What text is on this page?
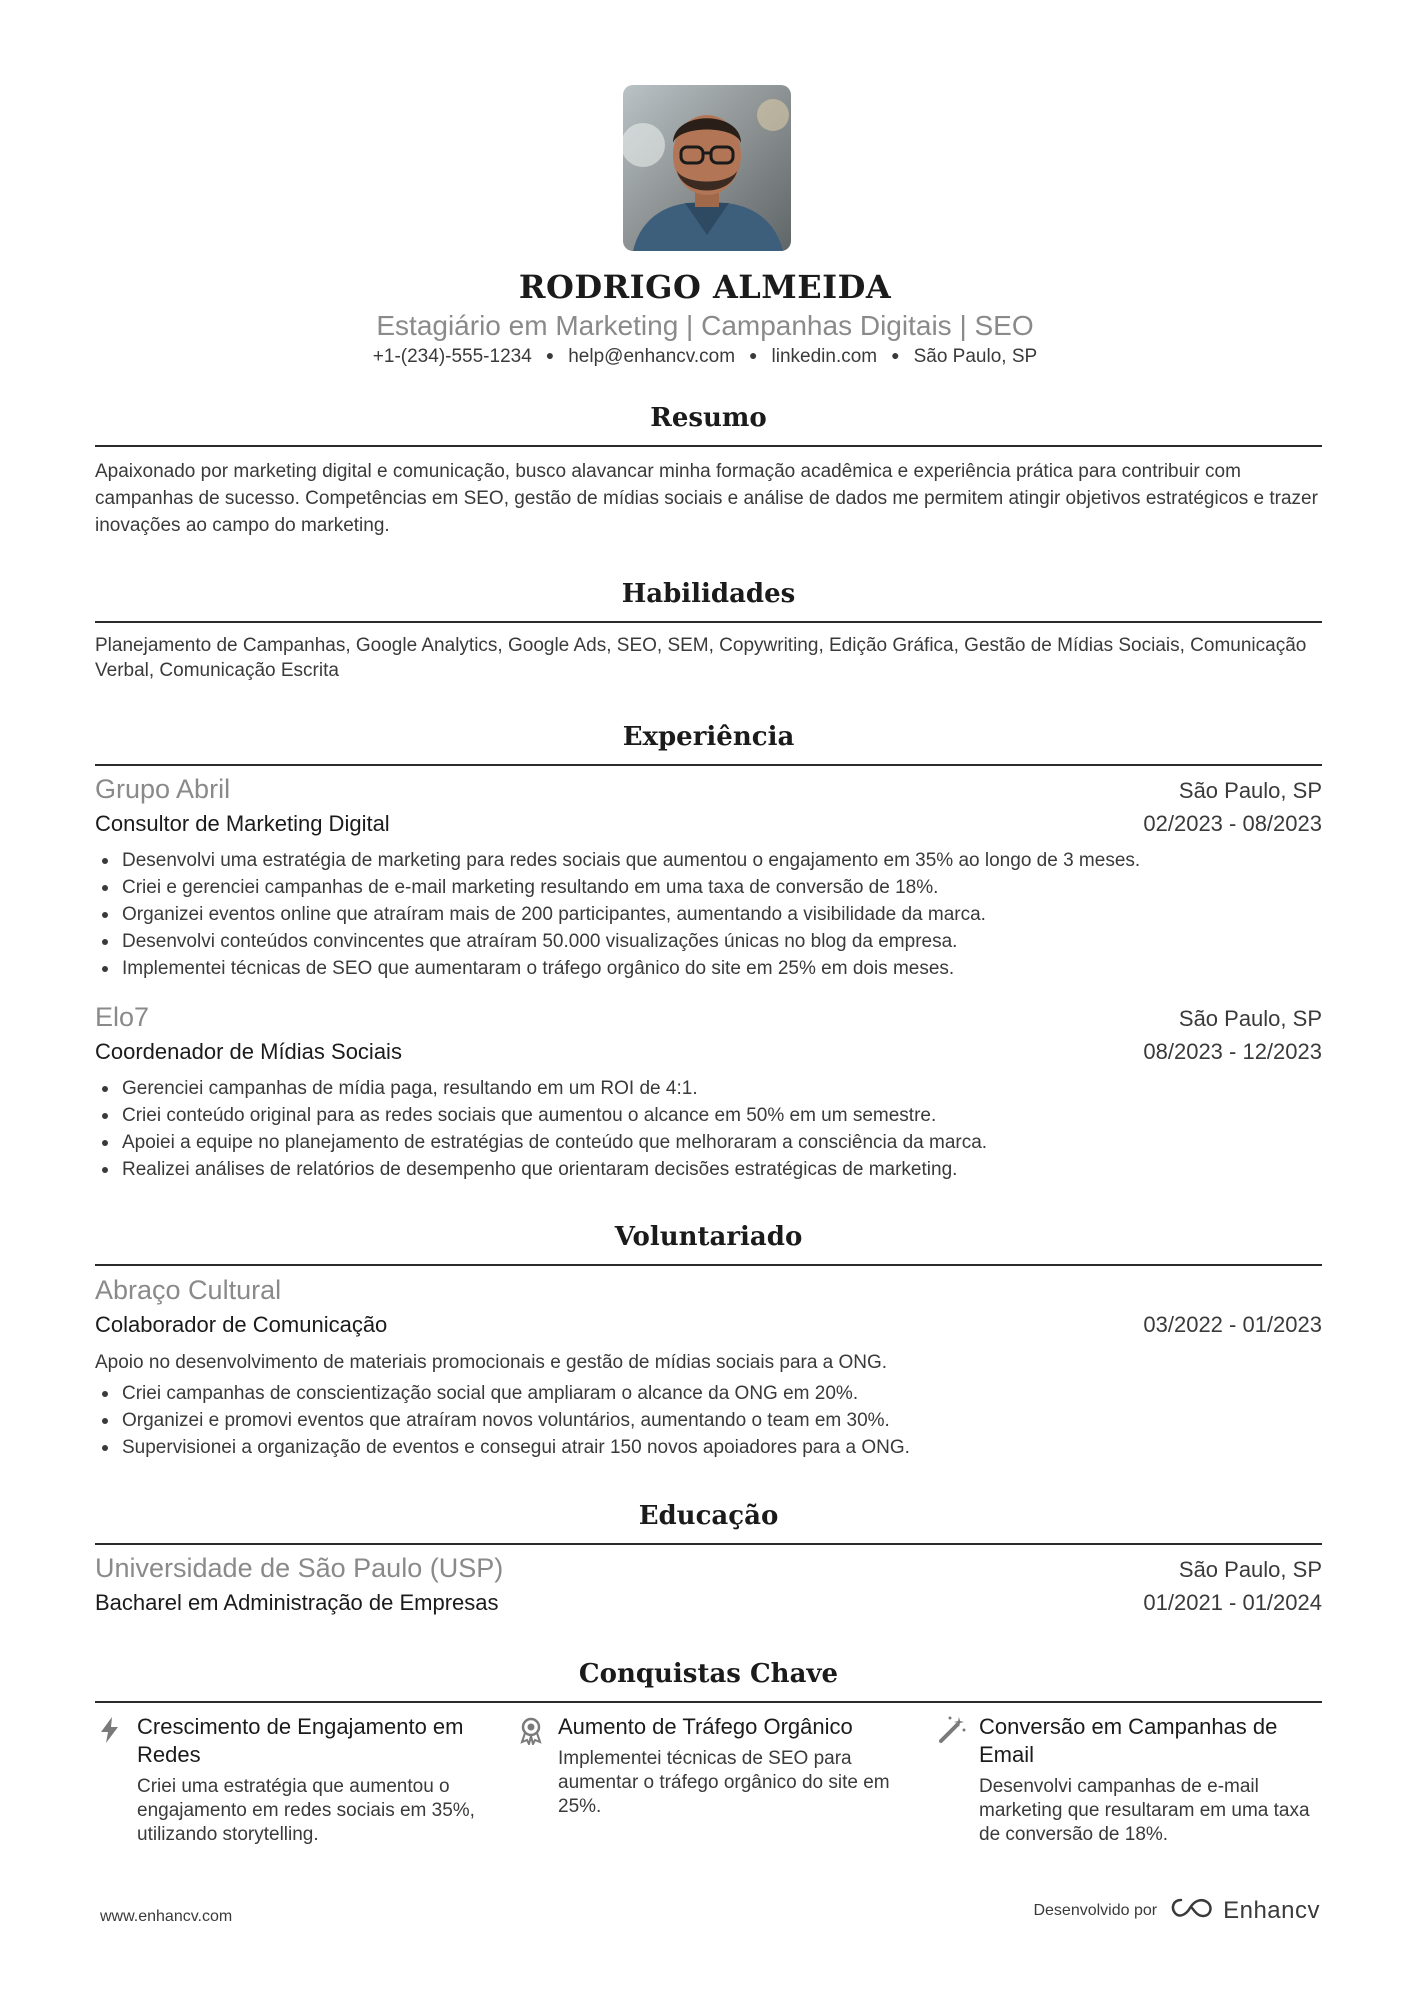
RODRIGO ALMEIDA
Estagiário em Marketing | Campanhas Digitais | SEO
+1-(234)-555-1234 ● help@enhancv.com ● linkedin.com ● São Paulo, SP
Resumo

Apaixonado por marketing digital e comunicação, busco alavancar minha formação acadêmica e experiência prática para contribuir com campanhas de sucesso. Competências em SEO, gestão de mídias sociais e análise de dados me permitem atingir objetivos estratégicos e trazer inovações ao campo do marketing.

Habilidades

Planejamento de Campanhas, Google Analytics, Google Ads, SEO, SEM, Copywriting, Edição Gráfica, Gestão de Mídias Sociais, Comunicação Verbal, Comunicação Escrita

Experiência
Grupo Abril	São Paulo, SP
Consultor de Marketing Digital	02/2023 - 08/2023
Desenvolvi uma estratégia de marketing para redes sociais que aumentou o engajamento em 35% ao longo de 3 meses.
Criei e gerenciei campanhas de e-mail marketing resultando em uma taxa de conversão de 18%.
Organizei eventos online que atraíram mais de 200 participantes, aumentando a visibilidade da marca.
Desenvolvi conteúdos convincentes que atraíram 50.000 visualizações únicas no blog da empresa.
Implementei técnicas de SEO que aumentaram o tráfego orgânico do site em 25% em dois meses.
Elo7	São Paulo, SP
Coordenador de Mídias Sociais	08/2023 - 12/2023
Gerenciei campanhas de mídia paga, resultando em um ROI de 4:1.
Criei conteúdo original para as redes sociais que aumentou o alcance em 50% em um semestre.
Apoiei a equipe no planejamento de estratégias de conteúdo que melhoraram a consciência da marca.
Realizei análises de relatórios de desempenho que orientaram decisões estratégicas de marketing.
Voluntariado
Abraço Cultural
Colaborador de Comunicação	03/2022 - 01/2023

Apoio no desenvolvimento de materiais promocionais e gestão de mídias sociais para a ONG.

Criei campanhas de conscientização social que ampliaram o alcance da ONG em 20%.
Organizei e promovi eventos que atraíram novos voluntários, aumentando o team em 30%.
Supervisionei a organização de eventos e consegui atrair 150 novos apoiadores para a ONG.
Educação
Universidade de São Paulo (USP)	São Paulo, SP
Bacharel em Administração de Empresas	01/2021 - 01/2024
Conquistas Chave
Crescimento de Engajamento em Redes
Criei uma estratégia que aumentou o engajamento em redes sociais em 35%, utilizando storytelling.
Aumento de Tráfego Orgânico
Implementei técnicas de SEO para aumentar o tráfego orgânico do site em 25%.
Conversão em Campanhas de Email
Desenvolvi campanhas de e-mail marketing que resultaram em uma taxa de conversão de 18%.
www.enhancv.com	Desenvolvido por	Enhancv
